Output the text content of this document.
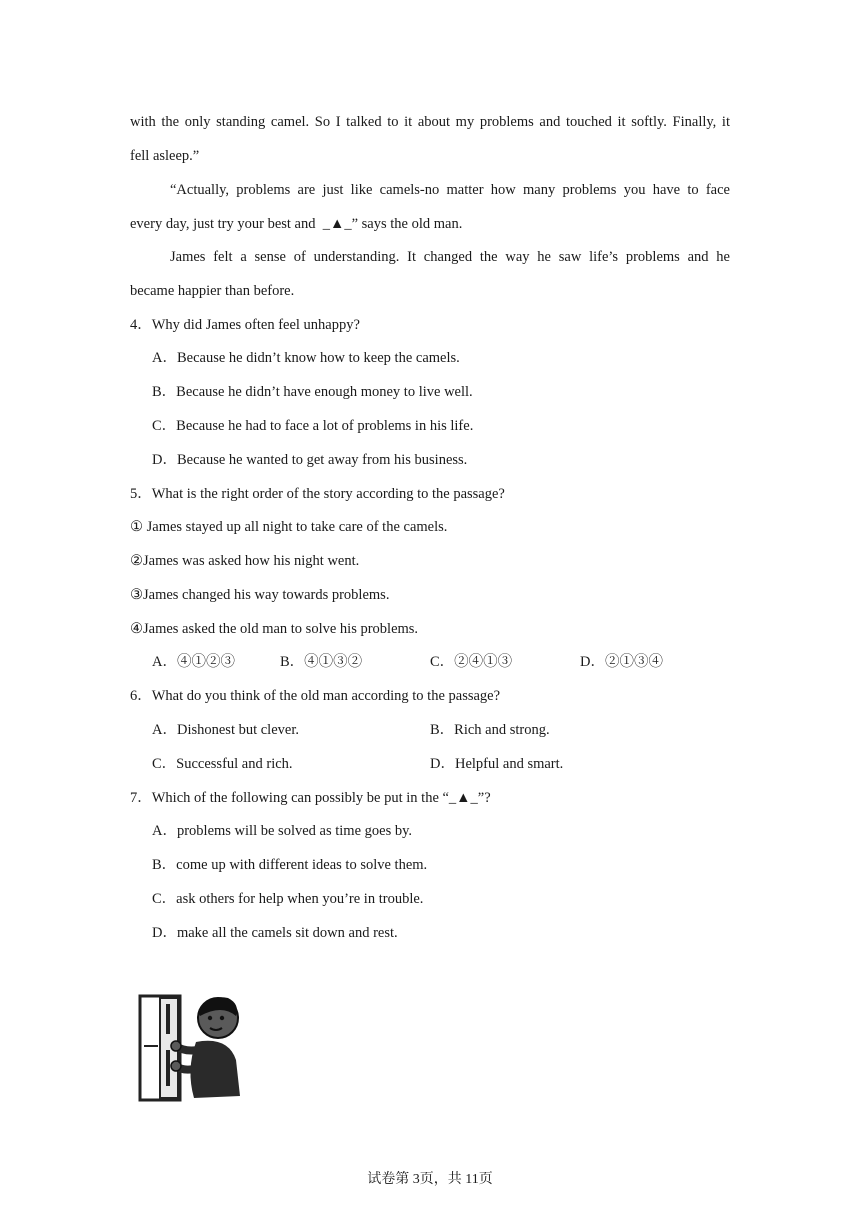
with the only standing camel. So I talked to it about my problems and touched it softly. Finally, it
fell asleep.”
“Actually, problems are just like camels-no matter how many problems you have to face
every day, just try your best and  _▲_” says the old man.
James felt a sense of understanding. It changed the way he saw life’s problems and he
became happier than before.
4．Why did James often feel unhappy?
A．Because he didn’t know how to keep the camels.
B．Because he didn’t have enough money to live well.
C．Because he had to face a lot of problems in his life.
D．Because he wanted to get away from his business.
5．What is the right order of the story according to the passage?
① James stayed up all night to take care of the camels.
②James was asked how his night went.
③James changed his way towards problems.
④James asked the old man to solve his problems.
A．④①②③	B．④①③②	C．②④①③	D．②①③④
6．What do you think of the old man according to the passage?
A．Dishonest but clever.	B．Rich and strong.
C．Successful and rich.	D．Helpful and smart.
7．Which of the following can possibly be put in the “_▲_”?
A．problems will be solved as time goes by.
B．come up with different ideas to solve them.
C．ask others for help when you’re in trouble.
D．make all the camels sit down and rest.
试卷第 3页，共 11页
